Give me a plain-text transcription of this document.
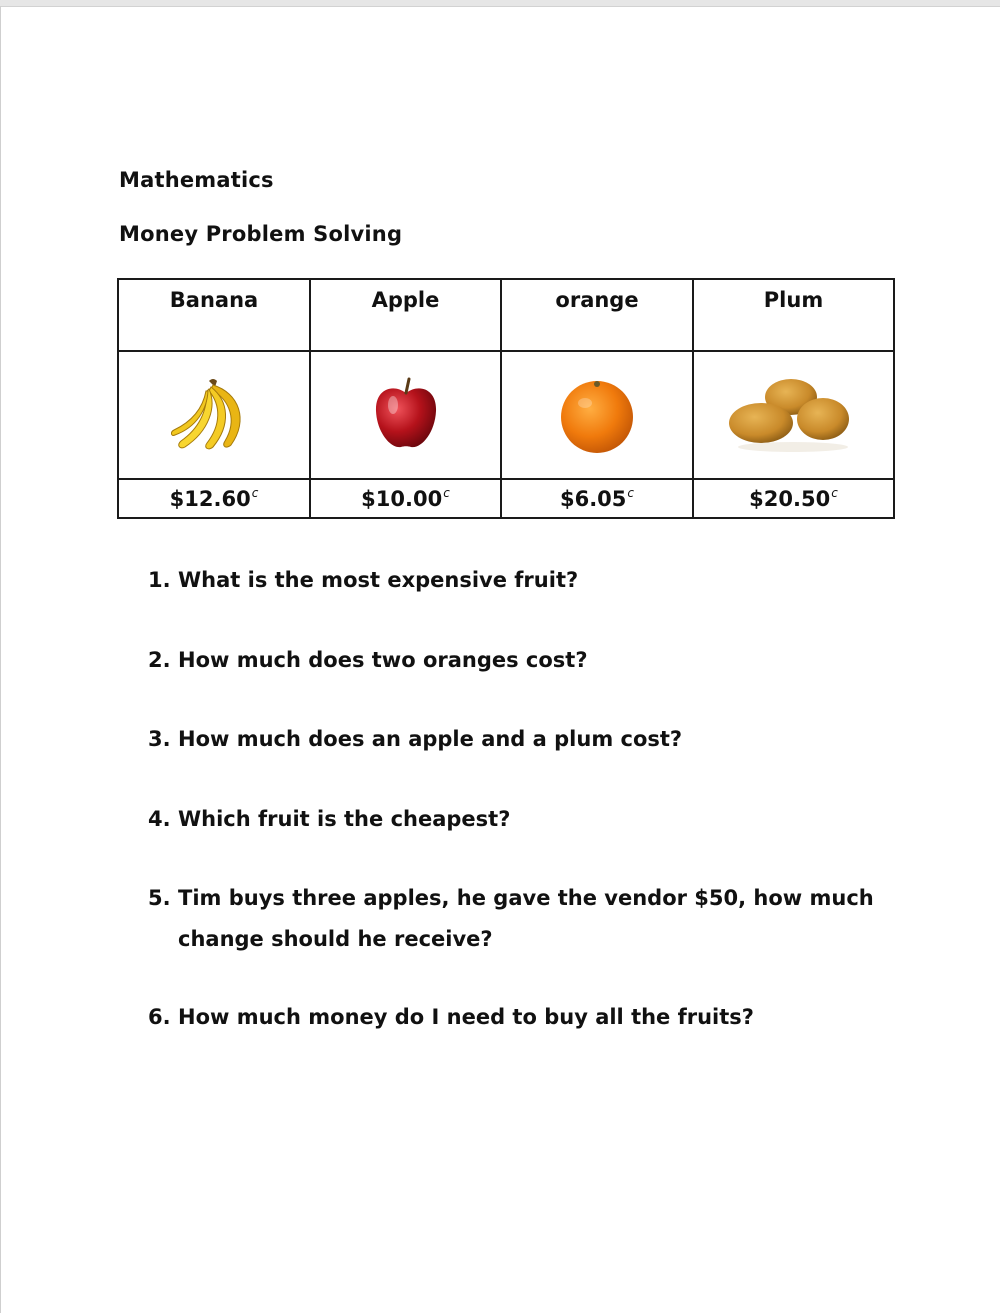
Mathematics
Money Problem Solving
Banana	Apple	orange	Plum

$12.60$^c$	$10.00$^c$	$6.05$^c$	$20.50$^c$
1. What is the most expensive fruit?
2. How much does two oranges cost?
3. How much does an apple and a plum cost?
4. Which fruit is the cheapest?
5. Tim buys three apples, he gave the vendor $50, how much change should he receive?
6. How much money do I need to buy all the fruits?
